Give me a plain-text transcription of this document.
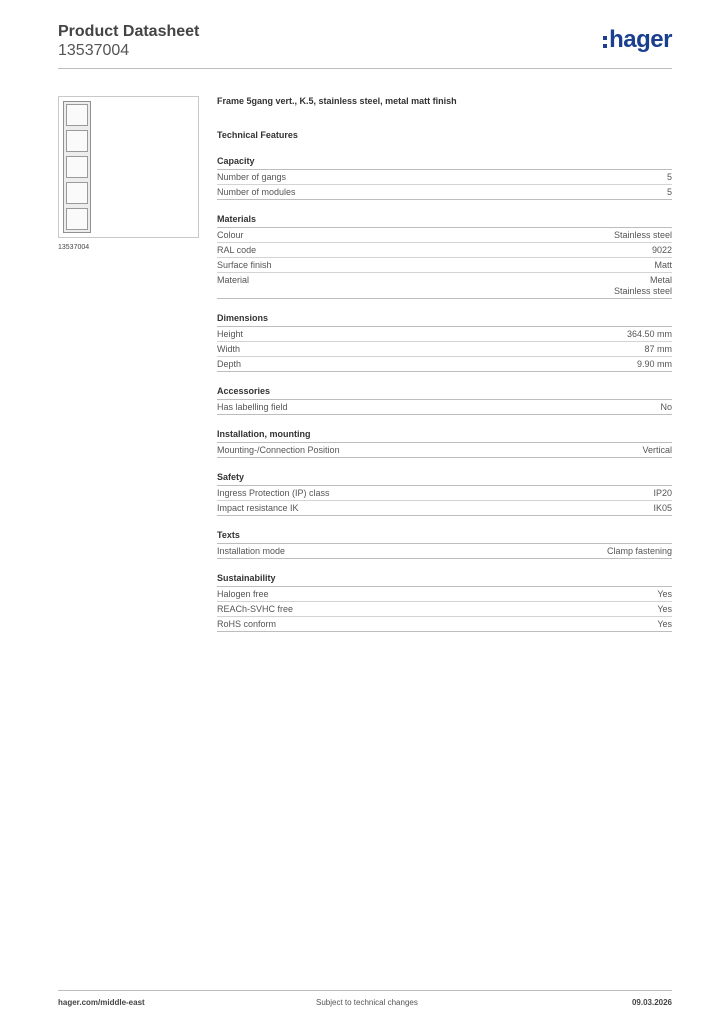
Product Datasheet
13537004	hager
13537004
Frame 5gang vert., K.5, stainless steel, metal matt finish
Technical Features
Capacity
Number of gangs	5
Number of modules	5
Materials
Colour	Stainless steel
RAL code	9022
Surface finish	Matt
Material	Metal
Stainless steel
Dimensions
Height	364.50 mm
Width	87 mm
Depth	9.90 mm
Accessories
Has labelling field	No
Installation, mounting
Mounting-/Connection Position	Vertical
Safety
Ingress Protection (IP) class	IP20
Impact resistance IK	IK05
Texts
Installation mode	Clamp fastening
Sustainability
Halogen free	Yes
REACh-SVHC free	Yes
RoHS conform	Yes
hager.com/middle-east	Subject to technical changes	09.03.2026
